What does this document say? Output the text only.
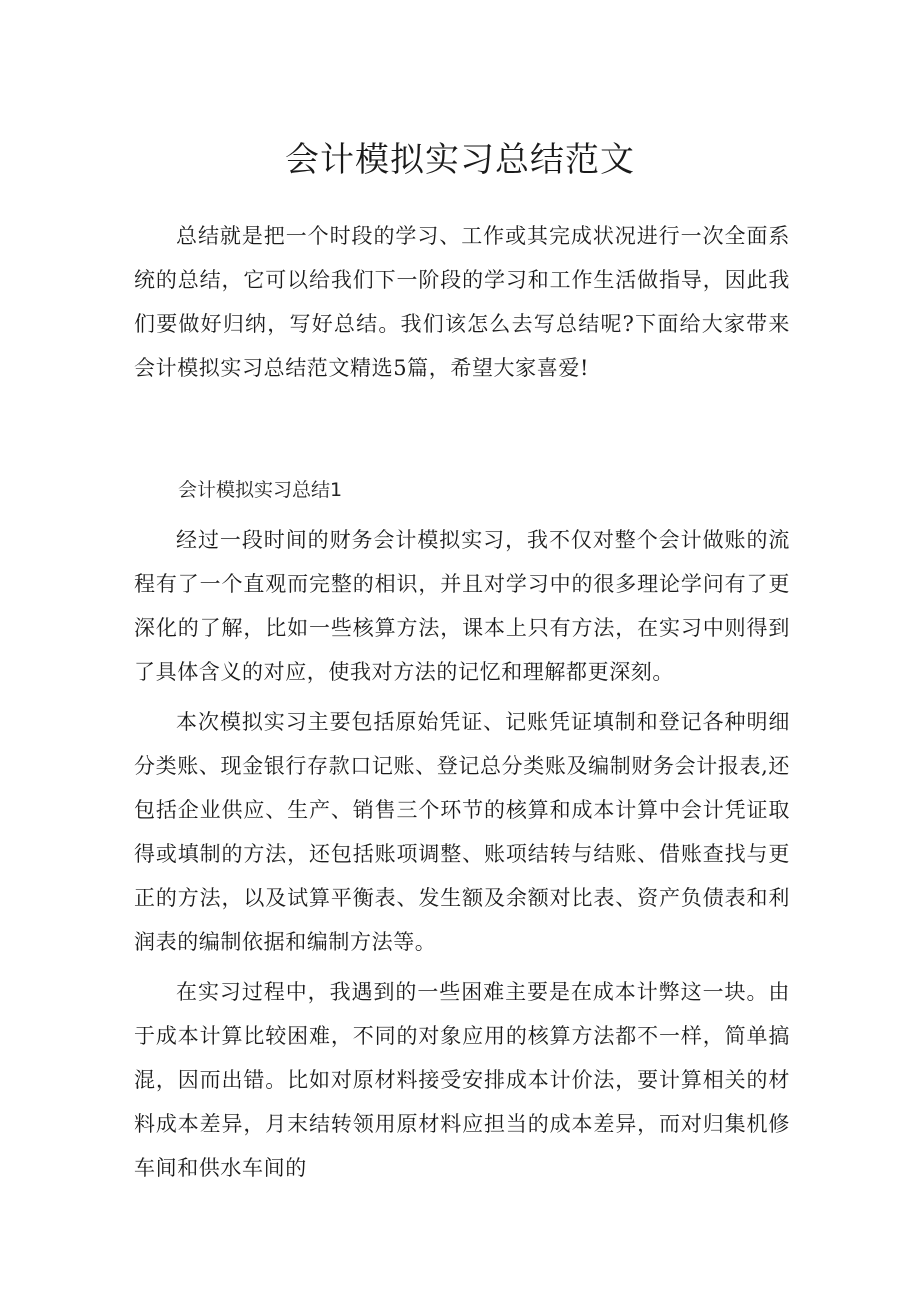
会计模拟实习总结范文

总结就是把一个时段的学习、工作或其完成状况进行一次全面系统的总结，它可以给我们下一阶段的学习和工作生活做指导，因此我们要做好归纳，写好总结。我们该怎么去写总结呢?下面给大家带来会计模拟实习总结范文精选5篇，希望大家喜爱!

会计模拟实习总结1

经过一段时间的财务会计模拟实习，我不仅对整个会计做账的流程有了一个直观而完整的相识，并且对学习中的很多理论学问有了更深化的了解，比如一些核算方法，课本上只有方法，在实习中则得到了具体含义的对应，使我对方法的记忆和理解都更深刻。

本次模拟实习主要包括原始凭证、记账凭证填制和登记各种明细分类账、现金银行存款口记账、登记总分类账及编制财务会计报表,还包括企业供应、生产、销售三个环节的核算和成本计算中会计凭证取得或填制的方法，还包括账项调整、账项结转与结账、借账查找与更正的方法，以及试算平衡表、发生额及余额对比表、资产负债表和利润表的编制依据和编制方法等。

在实习过程中，我遇到的一些困难主要是在成本计弊这一块。由于成本计算比较困难，不同的对象应用的核算方法都不一样，简单搞混，因而出错。比如对原材料接受安排成本计价法，要计算相关的材料成本差异，月末结转领用原材料应担当的成本差异，而对归集机修车间和供水车间的
